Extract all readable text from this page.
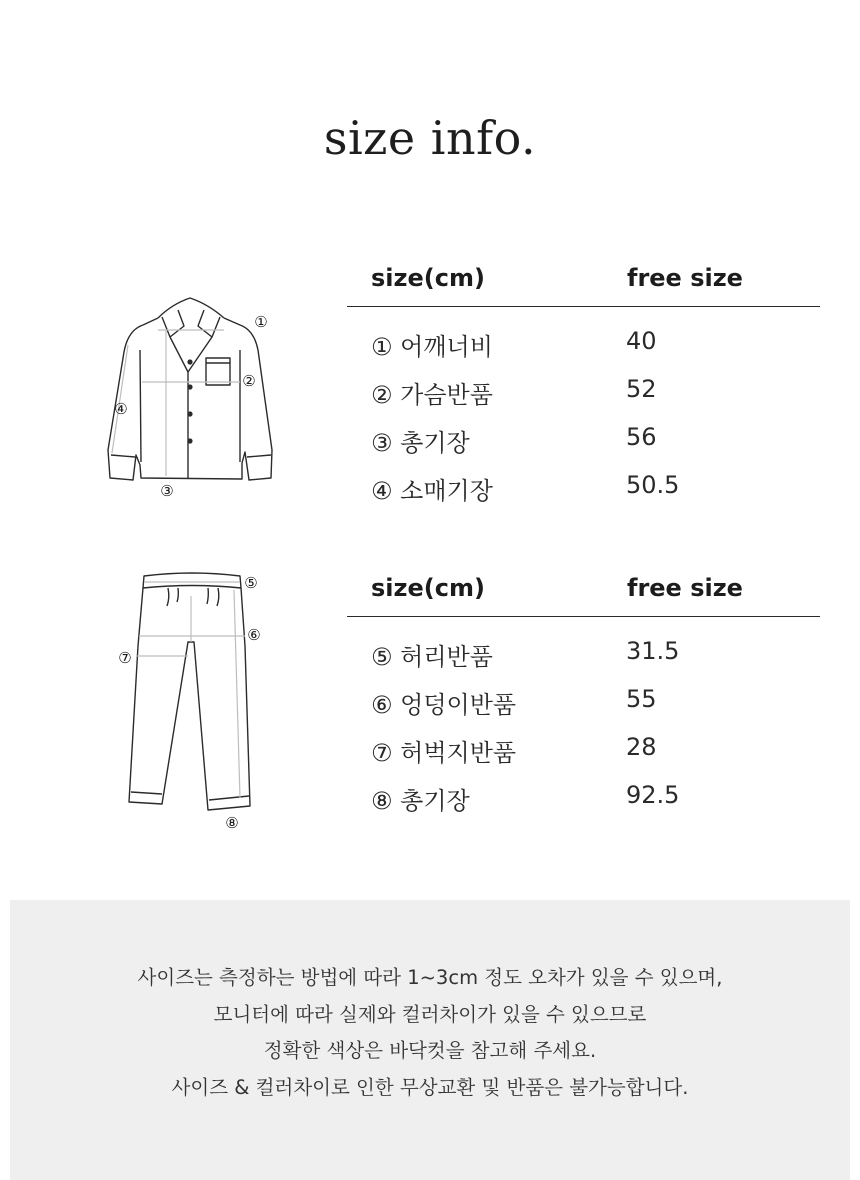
size info.
①
②
③
④
size(cm)	free size
① 어깨너비	40
② 가슴반품	52
③ 총기장	56
④ 소매기장	50.5
⑤
⑥
⑦
⑧
size(cm)	free size
⑤ 허리반품	31.5
⑥ 엉덩이반품	55
⑦ 허벅지반품	28
⑧ 총기장	92.5
사이즈는 측정하는 방법에 따라 1~3cm 정도 오차가 있을 수 있으며,
모니터에 따라 실제와 컬러차이가 있을 수 있으므로
정확한 색상은 바닥컷을 참고해 주세요.
사이즈 & 컬러차이로 인한 무상교환 및 반품은 불가능합니다.
